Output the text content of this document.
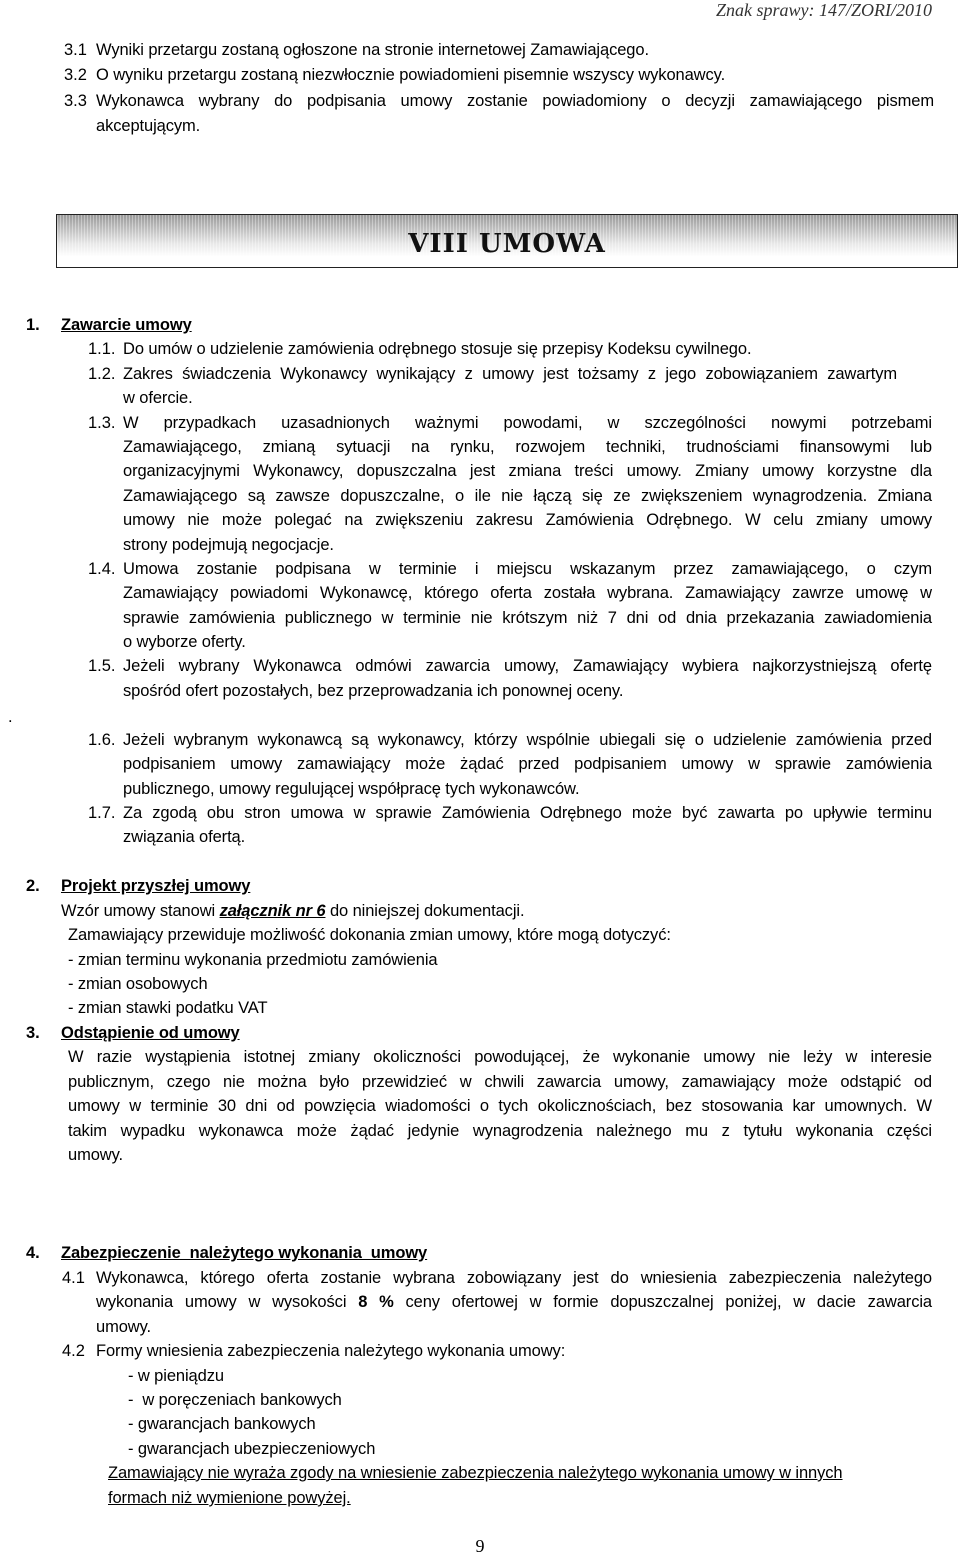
Znak sprawy: 147/ZORI/2010
3.1 Wyniki przetargu zostaną ogłoszone na stronie internetowej Zamawiającego.
3.2 O wyniku przetargu zostaną niezwłocznie powiadomieni pisemnie wszyscy wykonawcy.
3.3 Wykonawca wybrany do podpisania umowy zostanie powiadomiony o decyzji zamawiającego pismem
akceptującym.
VIII UMOWA
1. Zawarcie umowy
1.1. Do umów o udzielenie zamówienia odrębnego stosuje się przepisy Kodeksu cywilnego.
1.2. Zakres świadczenia Wykonawcy wynikający z umowy jest tożsamy z jego zobowiązaniem zawartym
w ofercie.
1.3. W przypadkach uzasadnionych ważnymi powodami, w szczególności nowymi potrzebami
Zamawiającego, zmianą sytuacji na rynku, rozwojem techniki, trudnościami finansowymi lub
organizacyjnymi Wykonawcy, dopuszczalna jest zmiana treści umowy. Zmiany umowy korzystne dla
Zamawiającego są zawsze dopuszczalne, o ile nie łączą się ze zwiększeniem wynagrodzenia. Zmiana
umowy nie może polegać na zwiększeniu zakresu Zamówienia Odrębnego. W celu zmiany umowy
strony podejmują negocjacje.
1.4. Umowa zostanie podpisana w terminie i miejscu wskazanym przez zamawiającego, o czym
Zamawiający powiadomi Wykonawcę, którego oferta została wybrana. Zamawiający zawrze umowę w
sprawie zamówienia publicznego w terminie nie krótszym niż 7 dni od dnia przekazania zawiadomienia
o wyborze oferty.
1.5. Jeżeli wybrany Wykonawca odmówi zawarcia umowy, Zamawiający wybiera najkorzystniejszą ofertę
spośród ofert pozostałych, bez przeprowadzania ich ponownej oceny.
.
1.6. Jeżeli wybranym wykonawcą są wykonawcy, którzy wspólnie ubiegali się o udzielenie zamówienia przed
podpisaniem umowy zamawiający może żądać przed podpisaniem umowy w sprawie zamówienia
publicznego, umowy regulującej współpracę tych wykonawców.
1.7. Za zgodą obu stron umowa w sprawie Zamówienia Odrębnego może być zawarta po upływie terminu
związania ofertą.
2. Projekt przyszłej umowy
Wzór umowy stanowi załącznik nr 6 do niniejszej dokumentacji.
Zamawiający przewiduje możliwość dokonania zmian umowy, które mogą dotyczyć:
- zmian terminu wykonania przedmiotu zamówienia
- zmian osobowych
- zmian stawki podatku VAT
3. Odstąpienie od umowy
W razie wystąpienia istotnej zmiany okoliczności powodującej, że wykonanie umowy nie leży w interesie
publicznym, czego nie można było przewidzieć w chwili zawarcia umowy, zamawiający może odstąpić od
umowy w terminie 30 dni od powzięcia wiadomości o tych okolicznościach, bez stosowania kar umownych. W
takim wypadku wykonawca może żądać jedynie wynagrodzenia należnego mu z tytułu wykonania części
umowy.
4. Zabezpieczenie  należytego wykonania  umowy
4.1 Wykonawca, którego oferta zostanie wybrana zobowiązany jest do wniesienia zabezpieczenia należytego
wykonania umowy w wysokości 8 % ceny ofertowej w formie dopuszczalnej poniżej, w dacie zawarcia
umowy.
4.2 Formy wniesienia zabezpieczenia należytego wykonania umowy:
- w pieniądzu
-  w poręczeniach bankowych
- gwarancjach bankowych
- gwarancjach ubezpieczeniowych
Zamawiający nie wyraża zgody na wniesienie zabezpieczenia należytego wykonania umowy w innych
formach niż wymienione powyżej.
9
